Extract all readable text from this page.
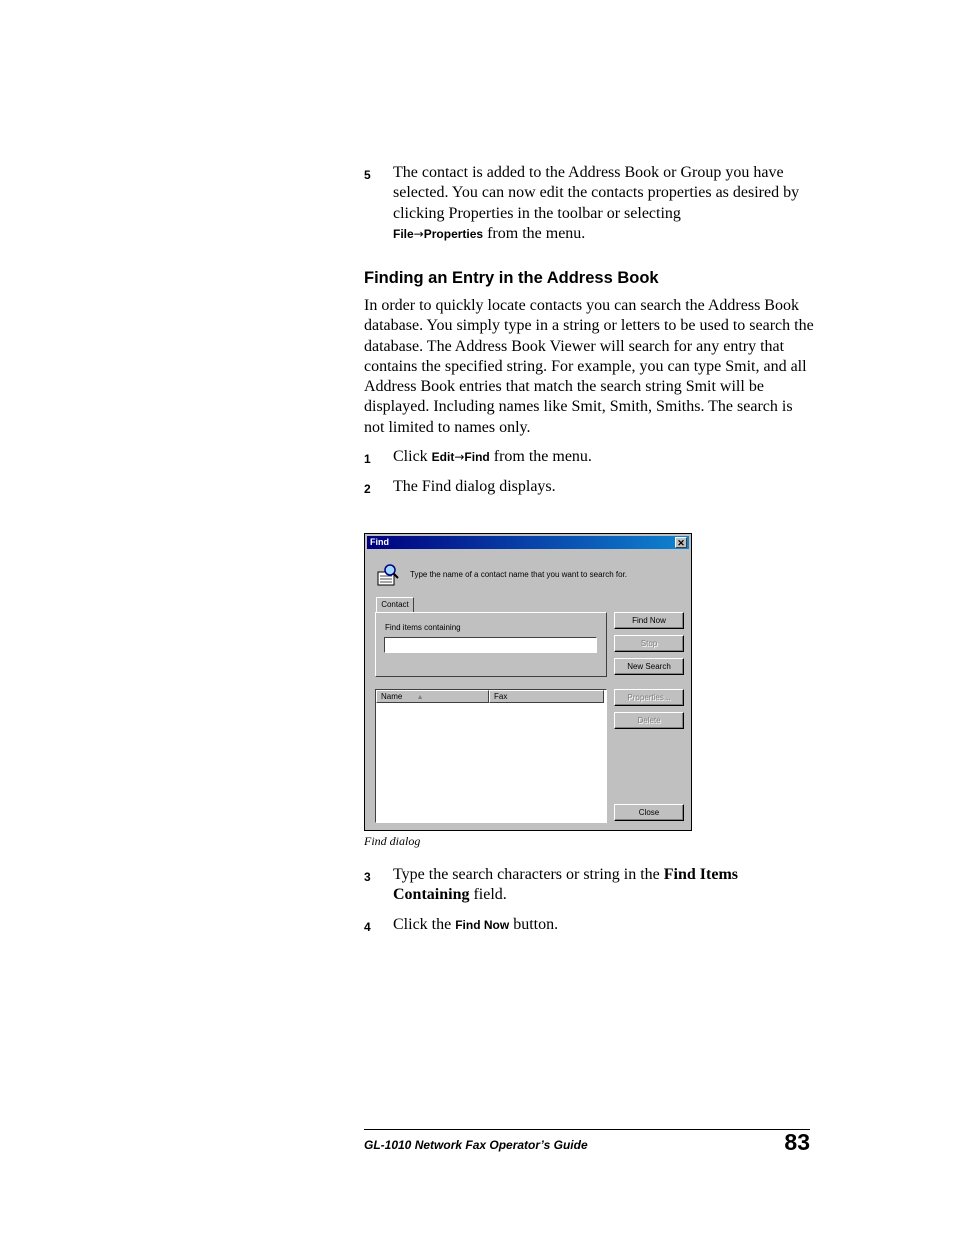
5 The contact is added to the Address Book or Group you have selected. You can now edit the contacts properties as desired by clicking Properties in the toolbar or selecting
File→Properties from the menu.
Finding an Entry in the Address Book
In order to quickly locate contacts you can search the Address Book database. You simply type in a string or letters to be used to search the database. The Address Book Viewer will search for any entry that contains the specified string. For example, you can type Smit, and all Address Book entries that match the search string Smit will be displayed. Including names like Smit, Smith, Smiths. The search is not limited to names only.
1 Click Edit→Find from the menu.
2 The Find dialog displays.
Find	✕
Type the name of a contact name that you want to search for.
Contact
Find items containing
Find Now
Stop
New Search
Properties...
Delete
Close
Name ▲	Fax
Find dialog
3 Type the search characters or string in the Find Items Containing field.
4 Click the Find Now button.
GL-1010 Network Fax Operator’s Guide	83
